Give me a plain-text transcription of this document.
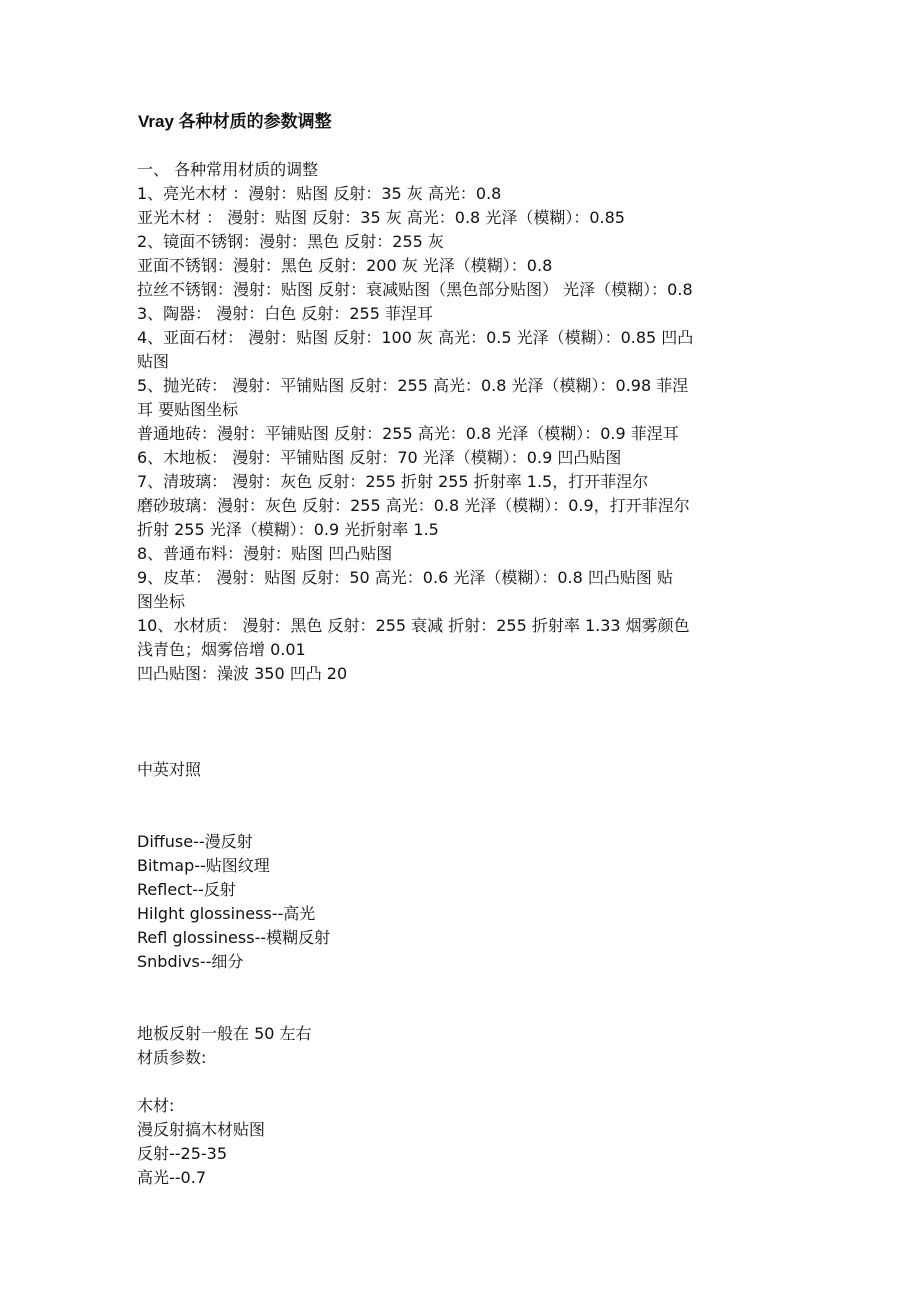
Vray 各种材质的参数调整
一、 各种常用材质的调整
1、亮光木材 ：漫射：贴图 反射：35 灰 高光：0.8
亚光木材 ： 漫射：贴图 反射：35 灰 高光：0.8 光泽（模糊）：0.85
2、镜面不锈钢：漫射：黑色 反射：255 灰
亚面不锈钢：漫射：黑色 反射：200 灰 光泽（模糊）：0.8
拉丝不锈钢：漫射：贴图 反射：衰减贴图（黑色部分贴图） 光泽（模糊）：0.8
3、陶器： 漫射：白色 反射：255 菲涅耳
4、亚面石材： 漫射：贴图 反射：100 灰 高光：0.5 光泽（模糊）：0.85 凹凸
贴图
5、抛光砖： 漫射：平铺贴图 反射：255 高光：0.8 光泽（模糊）：0.98 菲涅
耳 要贴图坐标
普通地砖：漫射：平铺贴图 反射：255 高光：0.8 光泽（模糊）：0.9 菲涅耳
6、木地板： 漫射：平铺贴图 反射：70 光泽（模糊）：0.9 凹凸贴图
7、清玻璃： 漫射：灰色 反射：255 折射 255 折射率 1.5，打开菲涅尔
磨砂玻璃：漫射：灰色 反射：255 高光：0.8 光泽（模糊）：0.9，打开菲涅尔
折射 255 光泽（模糊）：0.9 光折射率 1.5
8、普通布料：漫射：贴图 凹凸贴图
9、皮革： 漫射：贴图 反射：50 高光：0.6 光泽（模糊）：0.8 凹凸贴图 贴
图坐标
10、水材质： 漫射：黑色 反射：255 衰减 折射：255 折射率 1.33 烟雾颜色
浅青色；烟雾倍增 0.01
凹凸贴图：澡波 350 凹凸 20
中英对照
Diffuse--漫反射
Bitmap--贴图纹理
Reflect--反射
Hilght glossiness--高光
Refl glossiness--模糊反射
Snbdivs--细分
地板反射一般在 50 左右
材质参数:
木材:
漫反射搞木材贴图
反射--25-35
高光--0.7
